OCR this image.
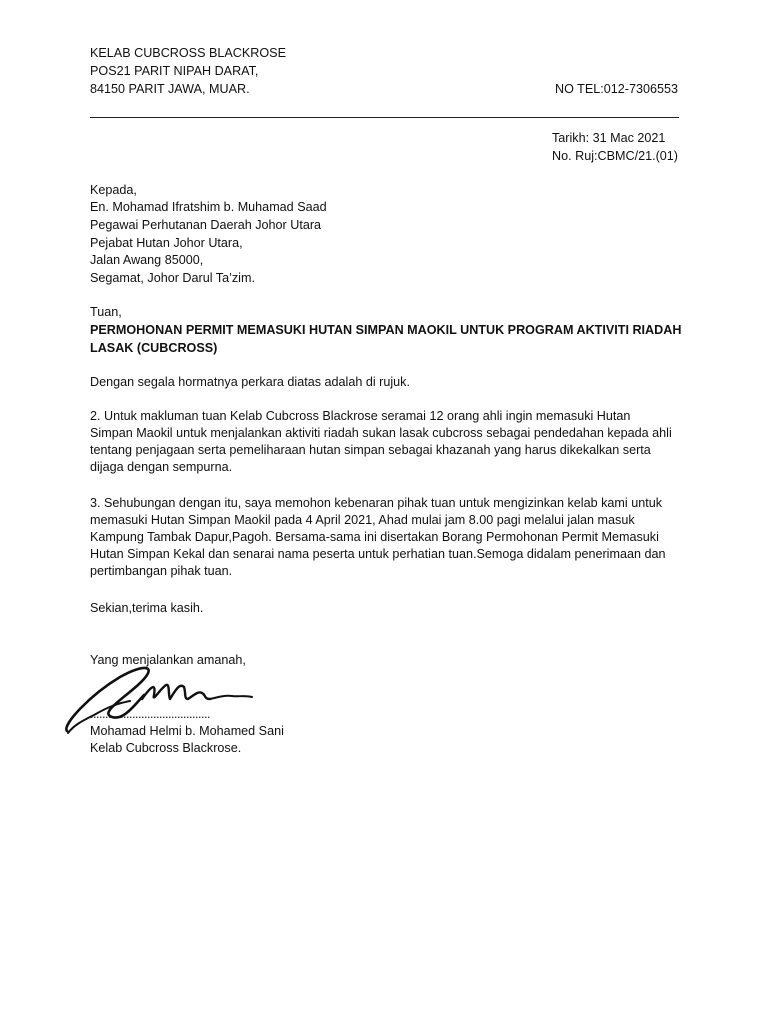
KELAB CUBCROSS BLACKROSE
POS21 PARIT NIPAH DARAT,
84150 PARIT JAWA, MUAR.	NO TEL:012-7306553
Tarikh: 31 Mac 2021
No. Ruj:CBMC/21.(01)
Kepada,
En. Mohamad Ifratshim b. Muhamad Saad
Pegawai Perhutanan Daerah Johor Utara
Pejabat Hutan Johor Utara,
Jalan Awang 85000,
Segamat, Johor Darul Ta’zim.
Tuan,
PERMOHONAN PERMIT MEMASUKI HUTAN SIMPAN MAOKIL UNTUK PROGRAM AKTIVITI RIADAH
LASAK (CUBCROSS)
Dengan segala hormatnya perkara diatas adalah di rujuk.
2. Untuk makluman tuan Kelab Cubcross Blackrose seramai 12 orang ahli ingin memasuki Hutan Simpan Maokil untuk menjalankan aktiviti riadah sukan lasak cubcross sebagai pendedahan kepada ahli tentang penjagaan serta pemeliharaan hutan simpan sebagai khazanah yang harus dikekalkan serta dijaga dengan sempurna.
3. Sehubungan dengan itu, saya memohon kebenaran pihak tuan untuk mengizinkan kelab kami untuk memasuki Hutan Simpan Maokil pada 4 April 2021, Ahad mulai jam 8.00 pagi melalui jalan masuk Kampung Tambak Dapur,Pagoh. Bersama-sama ini disertakan Borang Permohonan Permit Memasuki Hutan Simpan Kekal dan senarai nama peserta untuk perhatian tuan.Semoga didalam penerimaan dan pertimbangan pihak tuan.
Sekian,terima kasih.
Yang menjalankan amanah,
........................................
Mohamad Helmi b. Mohamed Sani
Kelab Cubcross Blackrose.
